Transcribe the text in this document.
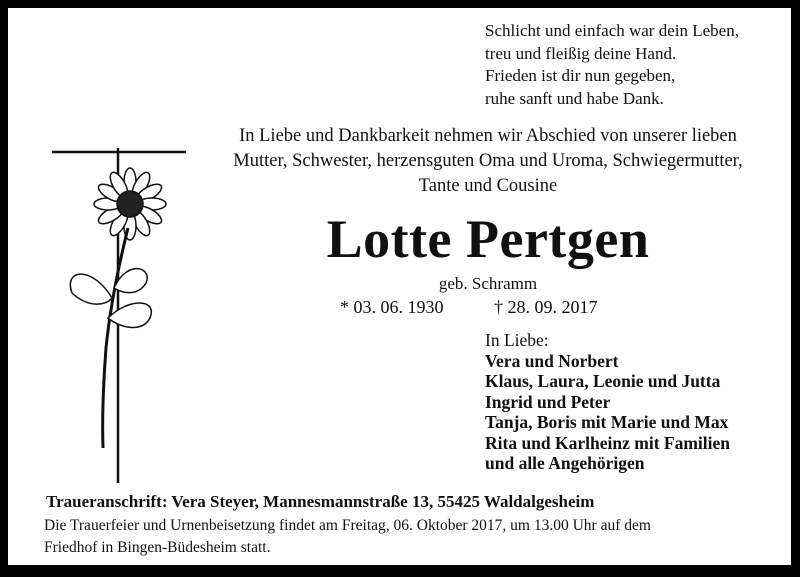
Schlicht und einfach war dein Leben,
treu und fleißig deine Hand.
Frieden ist dir nun gegeben,
ruhe sanft und habe Dank.
In Liebe und Dankbarkeit nehmen wir Abschied von unserer lieben
Mutter, Schwester, herzensguten Oma und Uroma, Schwiegermutter,
Tante und Cousine
Lotte Pertgen
geb. Schramm
* 03. 06. 1930	† 28. 09. 2017
In Liebe:
Vera und Norbert
Klaus, Laura, Leonie und Jutta
Ingrid und Peter
Tanja, Boris mit Marie und Max
Rita und Karlheinz mit Familien
und alle Angehörigen
Traueranschrift: Vera Steyer, Mannesmannstraße 13, 55425 Waldalgesheim
Die Trauerfeier und Urnenbeisetzung findet am Freitag, 06. Oktober 2017, um 13.00 Uhr auf dem
Friedhof in Bingen-Büdesheim statt.
